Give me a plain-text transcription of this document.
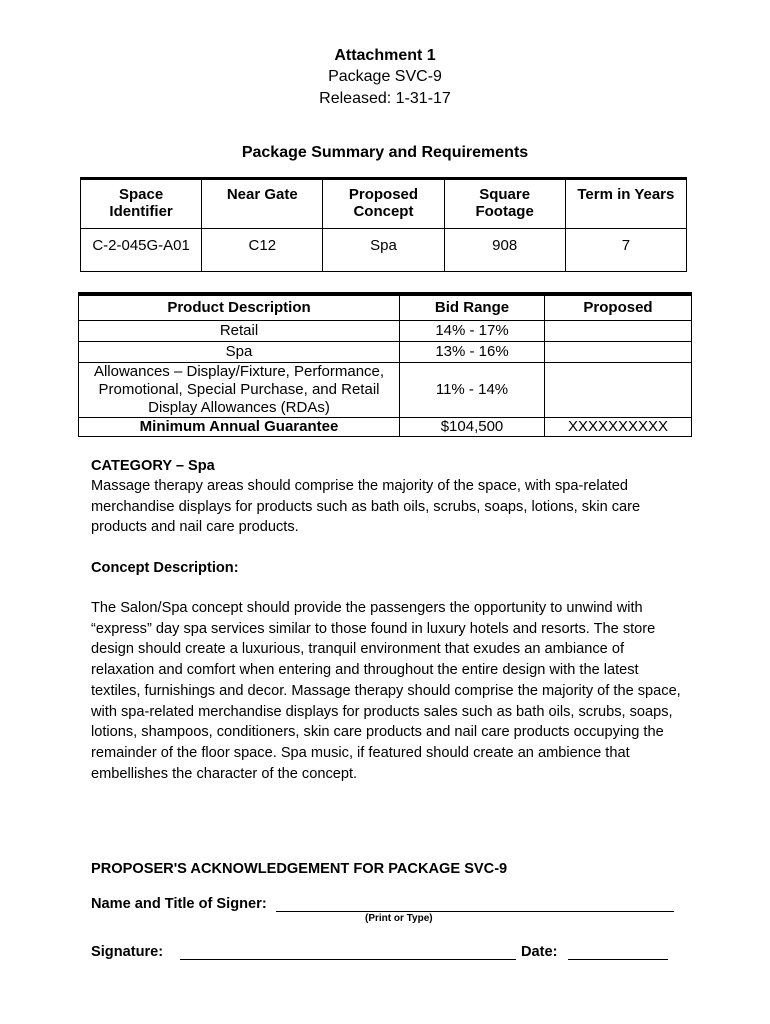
Attachment 1
Package SVC-9
Released: 1-31-17
Package Summary and Requirements
Space Identifier	Near Gate	Proposed Concept	Square Footage	Term in Years
C-2-045G-A01	C12	Spa	908	7
Product Description	Bid Range	Proposed
Retail	14% - 17%	
Spa	13% - 16%	
Allowances – Display/Fixture, Performance, Promotional, Special Purchase, and Retail Display Allowances (RDAs)	11% - 14%	
Minimum Annual Guarantee	$104,500	XXXXXXXXXX
CATEGORY – Spa
Massage therapy areas should comprise the majority of the space, with spa-related merchandise displays for products such as bath oils, scrubs, soaps, lotions, skin care products and nail care products.
Concept Description:
The Salon/Spa concept should provide the passengers the opportunity to unwind with “express” day spa services similar to those found in luxury hotels and resorts. The store design should create a luxurious, tranquil environment that exudes an ambiance of relaxation and comfort when entering and throughout the entire design with the latest textiles, furnishings and decor. Massage therapy should comprise the majority of the space, with spa-related merchandise displays for products sales such as bath oils, scrubs, soaps, lotions, shampoos, conditioners, skin care products and nail care products occupying the remainder of the floor space. Spa music, if featured should create an ambience that embellishes the character of the concept.
PROPOSER'S ACKNOWLEDGEMENT FOR PACKAGE SVC-9
Name and Title of Signer:
(Print or Type)
Signature:	Date:
